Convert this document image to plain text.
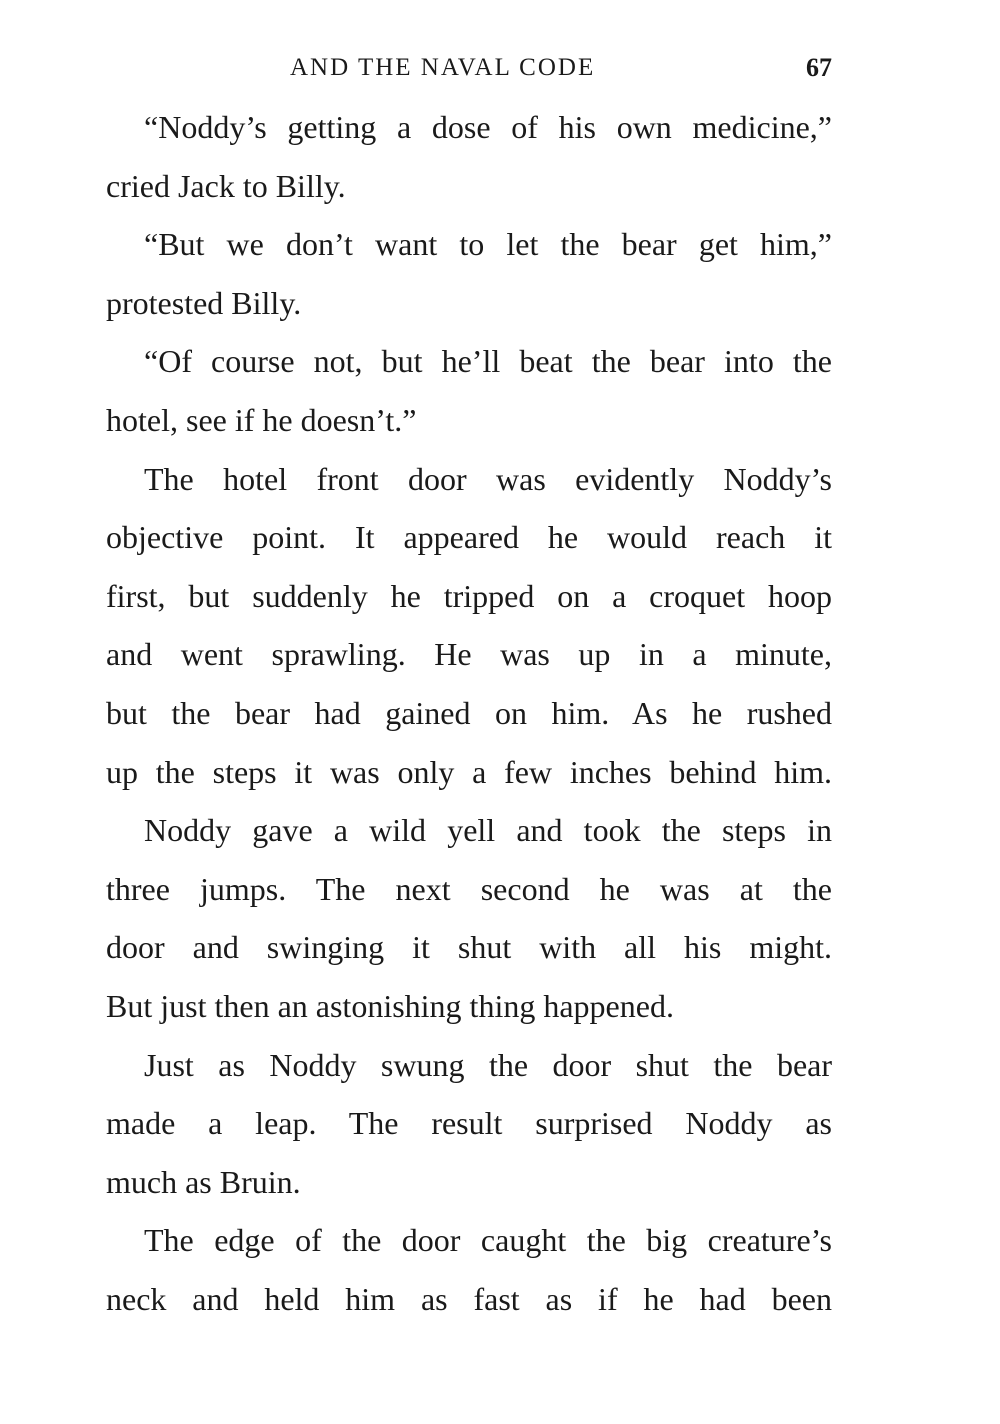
AND THE NAVAL CODE	67
“Noddy’s getting a dose of his own medicine,”
cried Jack to Billy.
“But we don’t want to let the bear get him,”
protested Billy.
“Of course not, but he’ll beat the bear into the
hotel, see if he doesn’t.”
The hotel front door was evidently Noddy’s
objective point. It appeared he would reach it
first, but suddenly he tripped on a croquet hoop
and went sprawling. He was up in a minute,
but the bear had gained on him. As he rushed
up the steps it was only a few inches behind him.
Noddy gave a wild yell and took the steps in
three jumps. The next second he was at the
door and swinging it shut with all his might.
But just then an astonishing thing happened.
Just as Noddy swung the door shut the bear
made a leap. The result surprised Noddy as
much as Bruin.
The edge of the door caught the big creature’s
neck and held him as fast as if he had been
